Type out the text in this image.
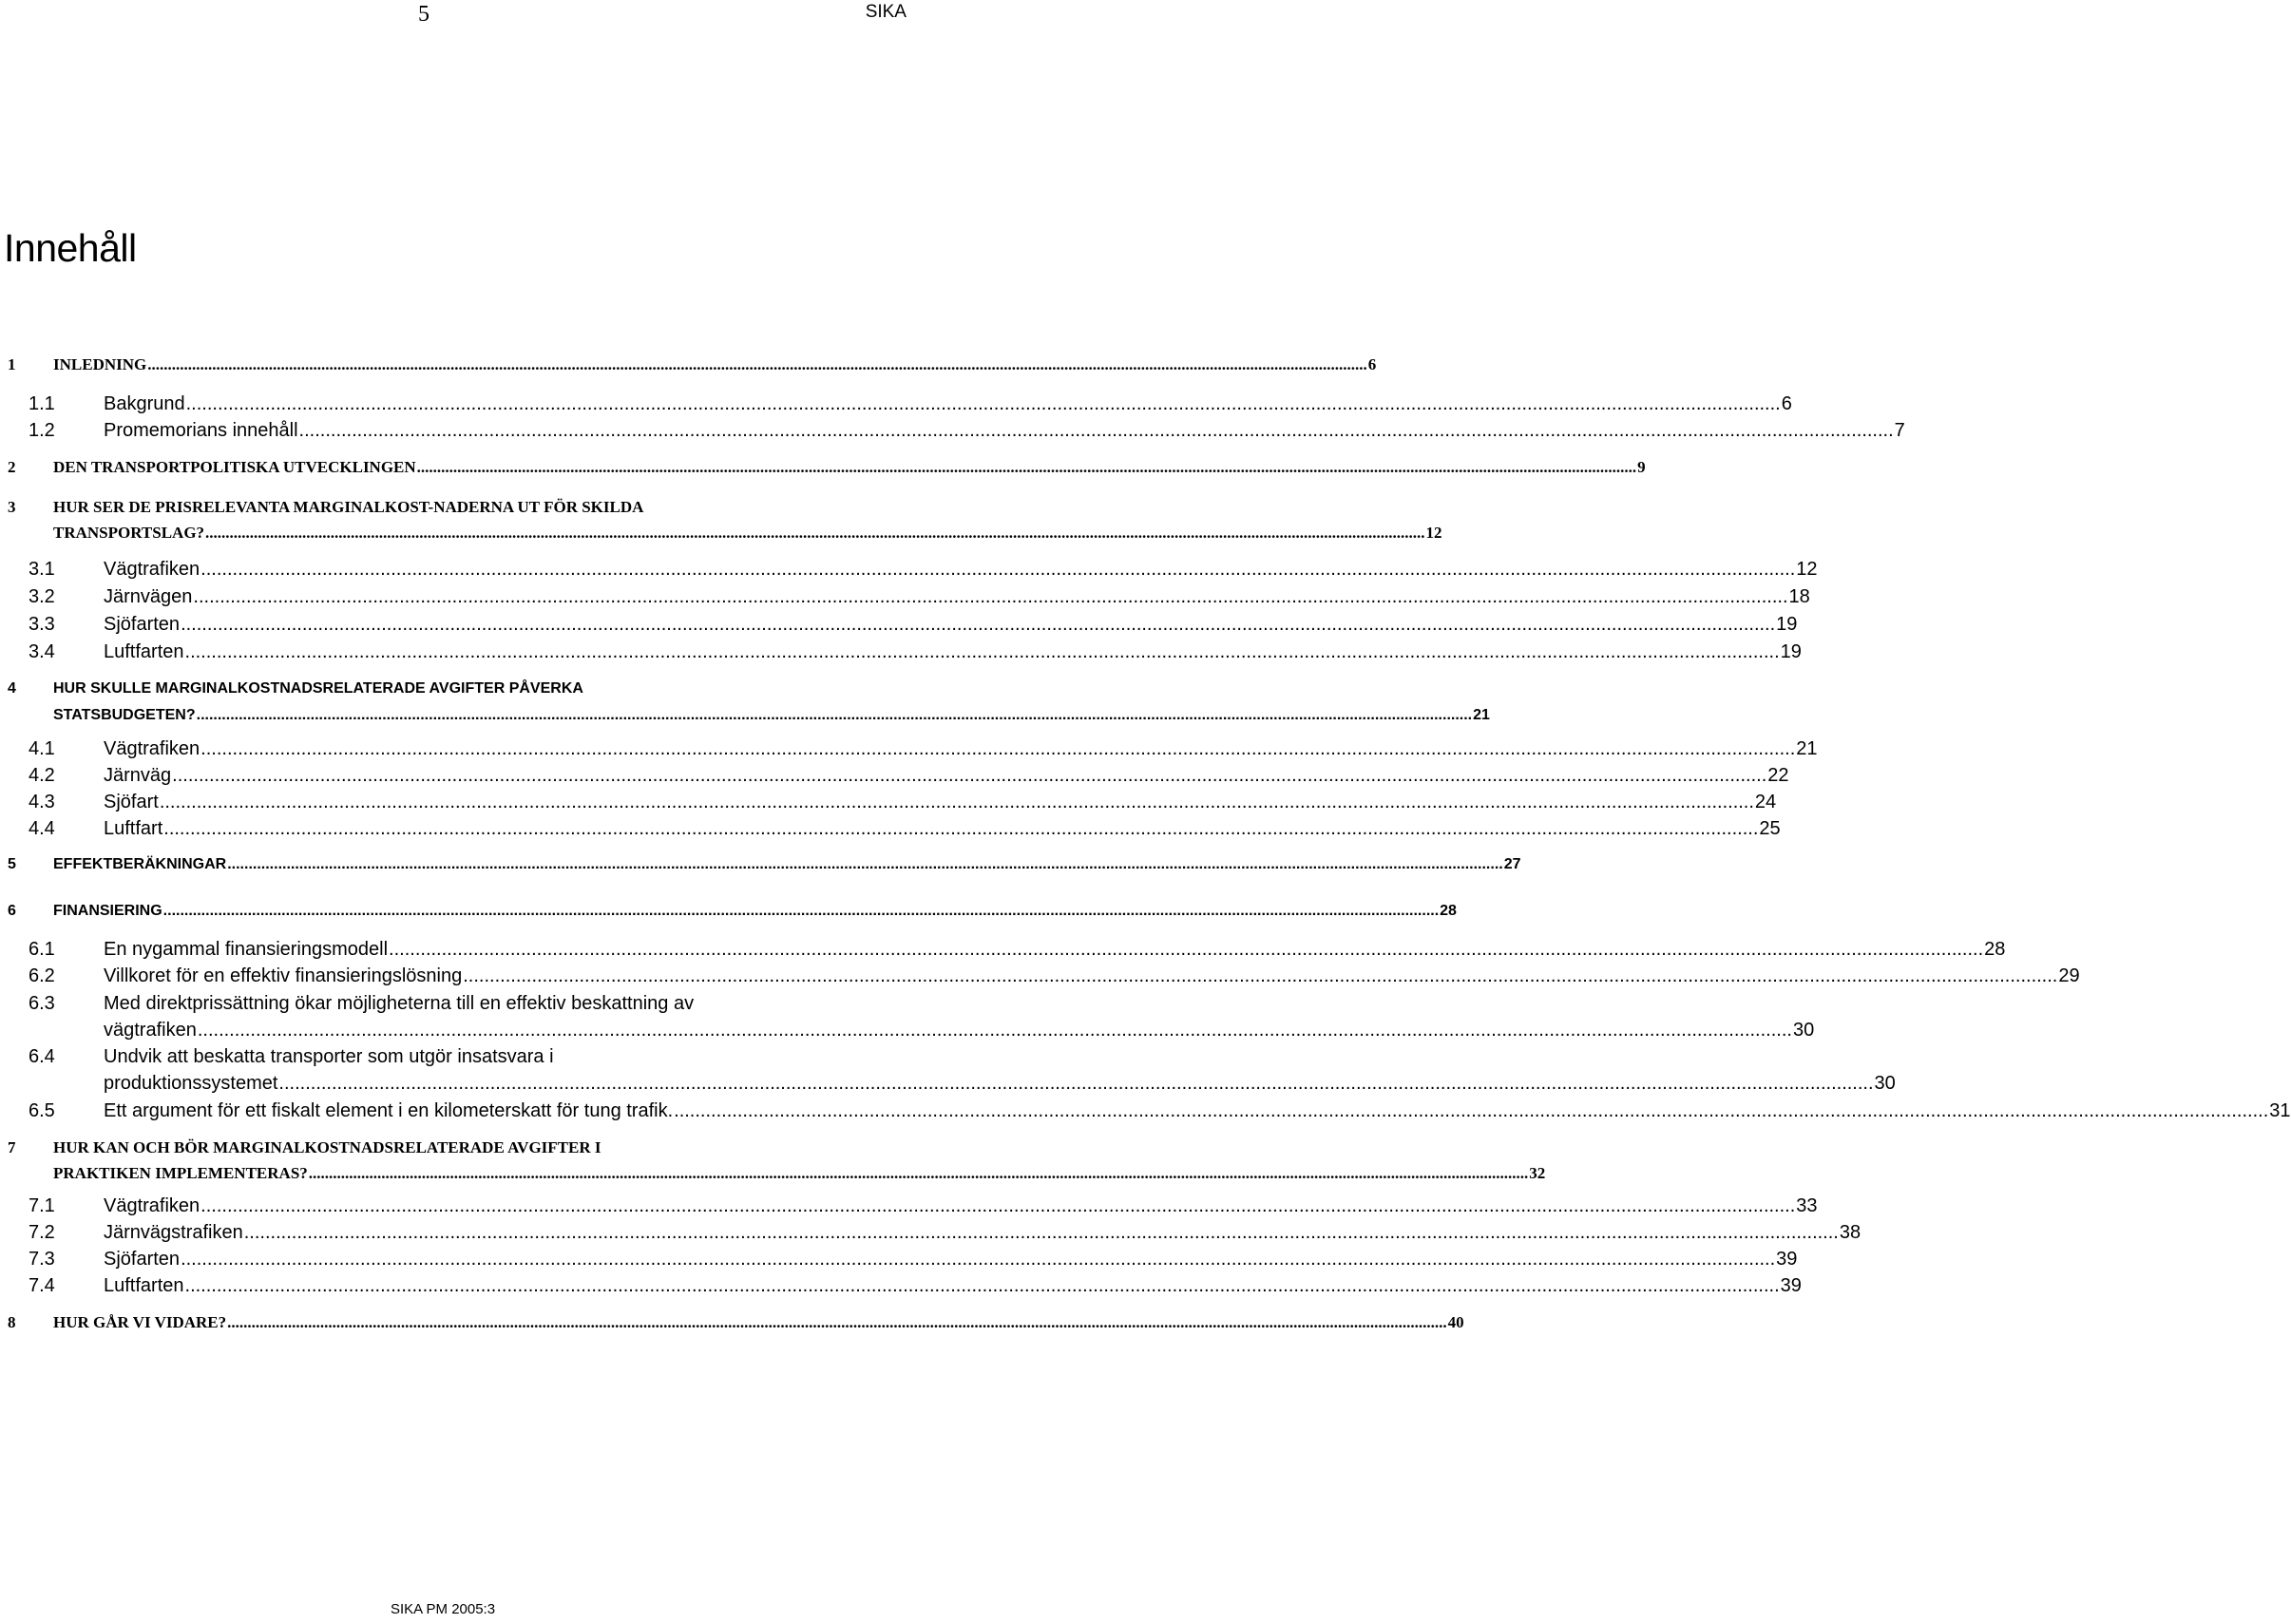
5	SIKA
Innehåll
1 INLEDNING .....	6
1.1	Bakgrund .....	6
1.2	Promemorians innehåll .....	7
2 DEN TRANSPORTPOLITISKA UTVECKLINGEN .....	9
3 HUR SER DE PRISRELEVANTA MARGINALKOST-NADERNA UT FÖR SKILDA
TRANSPORTSLAG? .....	12
3.1	Vägtrafiken .....	12
3.2	Järnvägen .....	18
3.3	Sjöfarten .....	19
3.4	Luftfarten .....	19
4 HUR SKULLE MARGINALKOSTNADSRELATERADE AVGIFTER PÅVERKA
STATSBUDGETEN? .....	21
4.1	Vägtrafiken .....	21
4.2	Järnväg .....	22
4.3	Sjöfart .....	24
4.4	Luftfart .....	25
5 EFFEKTBERÄKNINGAR .....	27
6 FINANSIERING .....	28
6.1	En nygammal finansieringsmodell .....	28
6.2	Villkoret för en effektiv finansieringslösning .....	29
6.3	Med direktprissättning ökar möjligheterna till en effektiv beskattning av
vägtrafiken .....	30
6.4	Undvik att beskatta transporter som utgör insatsvara i
produktionssystemet .....	30
6.5	Ett argument för ett fiskalt element i en kilometerskatt för tung trafik. .....	31
7 HUR KAN OCH BÖR MARGINALKOSTNADSRELATERADE AVGIFTER I
PRAKTIKEN IMPLEMENTERAS? .....	32
7.1	Vägtrafiken .....	33
7.2	Järnvägstrafiken .....	38
7.3	Sjöfarten .....	39
7.4	Luftfarten .....	39
8 HUR GÅR VI VIDARE? .....	40
SIKA PM 2005:3
